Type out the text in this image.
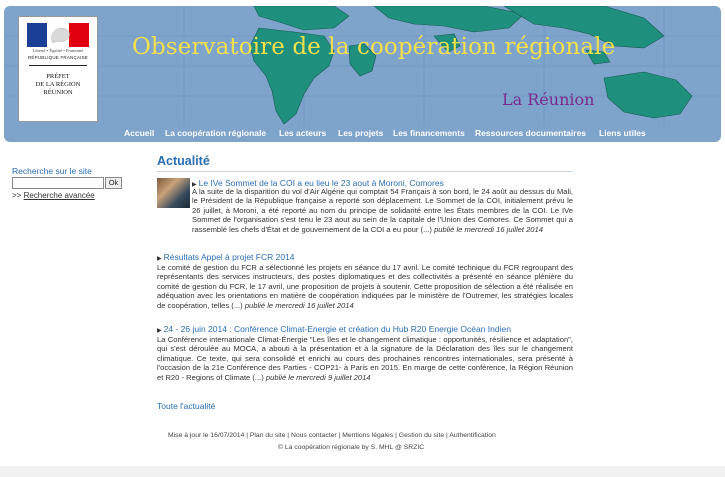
Liberté • Égalité • Fraternité
RÉPUBLIQUE FRANÇAISE
PRÉFET
DE LA RÉGION
RÉUNION
Observatoire de la coopération régionale
La Réunion
Accueil La coopération régionale Les acteurs Les projets Les financements Ressources documentaires Liens utiles
Recherche sur le site
Ok
>> Recherche avancée
Actualité
▶ Le IVe Sommet de la COI a eu lieu le 23 aout à Moroni, Comores
A la suite de la disparition du vol d'Air Algérie qui comptait 54 Français à son bord, le 24 août au dessus du Mali, le Président de la République française a reporté son déplacement. Le Sommet de la COI, initialement prévu le 26 juillet, à Moroni, a été reporté au nom du principe de solidarité entre les États membres de la COI. Le IVe Sommet de l'organisation s'est tenu le 23 aout au sein de la capitale de l'Union des Comores. Ce Sommet qui a rassemblé les chefs d'État et de gouvernement de la COI a eu pour (...) publié le mercredi 16 juillet 2014
▶ Résultats Appel à projet FCR 2014
Le comité de gestion du FCR a sélectionné les projets en séance du 17 avril. Le comité technique du FCR regroupant des représentants des services instructeurs, des postes diplomatiques et des collectivités a présenté en séance plénière du comité de gestion du FCR, le 17 avril, une proposition de projets à soutenir. Cette proposition de sélection a été réalisée en adéquation avec les orientations en matière de coopération indiquées par le ministère de l'Outremer, les stratégies locales de coopération, telles (...) publié le mercredi 16 juillet 2014
▶ 24 - 26 juin 2014 : Conférence Climat-Energie et création du Hub R20 Energie Océan Indien
La Conférence internationale Climat-Énergie "Les îles et le changement climatique : opportunités, résilience et adaptation", qui s'est déroulée au MOCA, a abouti à la présentation et à la signature de la Déclaration des îles sur le changement climatique. Ce texte, qui sera consolidé et enrichi au cours des prochaines rencontres internationales, sera présenté à l'occasion de la 21e Conférence des Parties - COP21- à Paris en 2015. En marge de cette conférence, la Région Réunion et R20 - Regions of Climate (...) publié le mercredi 9 juillet 2014
Toute l'actualité
Mise à jour le 16/07/2014 | Plan du site | Nous contacter | Mentions légales | Gestion du site | Authentification
© La coopération régionale by S. MHL @ SRZIC
